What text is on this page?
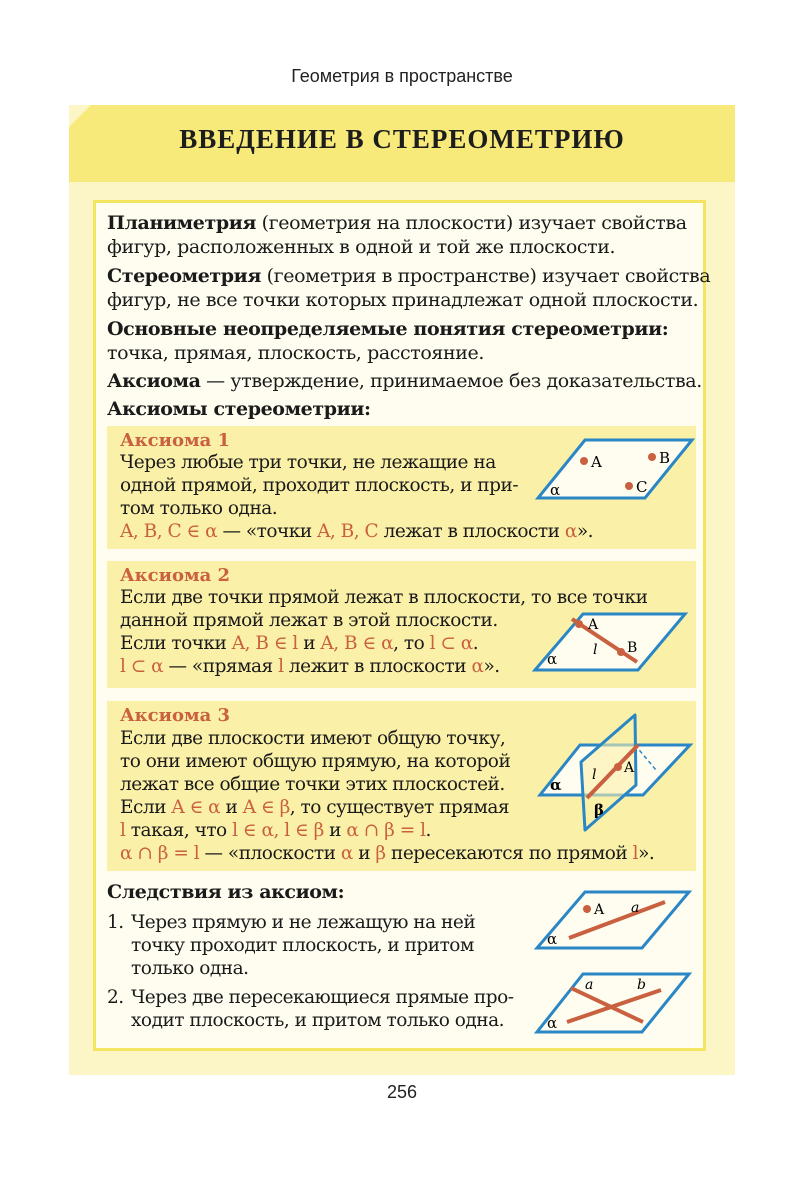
Геометрия в пространстве
ВВЕДЕНИЕ В СТЕРЕОМЕТРИЮ
Планиметрия (геометрия на плоскости) изучает свойства
фигур, расположенных в одной и той же плоскости.
Стереометрия (геометрия в пространстве) изучает свойства
фигур, не все точки которых принадлежат одной плоскости.
Основные неопределяемые понятия стереометрии:
точка, прямая, плоскость, расстояние.
Аксиома — утверждение, принимаемое без доказательства.
Аксиомы стереометрии:
Аксиома 1
Через любые три точки, не лежащие на
одной прямой, проходит плоскость, и при-
том только одна.
A, B, C ∈ α — «точки A, B, C лежат в плоскости α».
A	B
C
α
Аксиома 2
Если две точки прямой лежат в плоскости, то все точки
данной прямой лежат в этой плоскости.
Если точки A, B ∈ l и A, B ∈ α, то l ⊂ α.
l ⊂ α — «прямая l лежит в плоскости α».
A
B
l
α
Аксиома 3
Если две плоскости имеют общую точку,
то они имеют общую прямую, на которой
лежат все общие точки этих плоскостей.
Если A ∈ α и A ∈ β, то существует прямая
l такая, что l ∈ α, l ∈ β и α ∩ β = l.
α ∩ β = l — «плоскости α и β пересекаются по прямой l».
A
l
α
β
Следствия из аксиом:
1. Через прямую и не лежащую на ней
точку проходит плоскость, и притом
только одна.
2. Через две пересекающиеся прямые про-
ходит плоскость, и притом только одна.
A a
α
a	b
α
256
